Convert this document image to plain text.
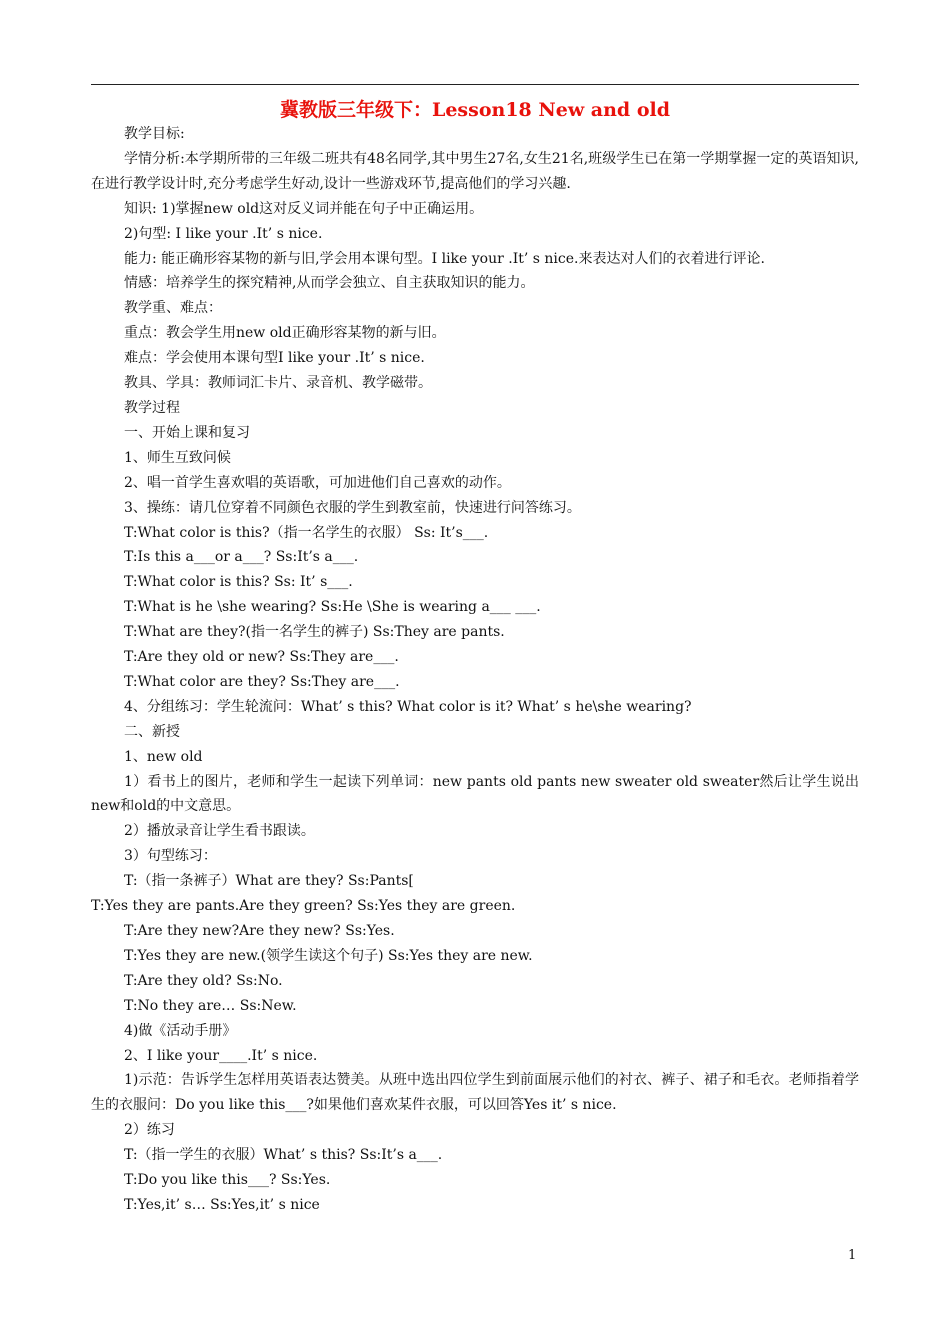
冀教版三年级下：Lesson18 New and old

教学目标:

学情分析:本学期所带的三年级二班共有48名同学,其中男生27名,女生21名,班级学生已在第一学期掌握一定的英语知识,在进行教学设计时,充分考虑学生好动,设计一些游戏环节,提高他们的学习兴趣.

知识: 1)掌握new old这对反义词并能在句子中正确运用。

2)句型: I like your .It’ s nice.

能力: 能正确形容某物的新与旧,学会用本课句型。I like your .It’ s nice.来表达对人们的衣着进行评论.

情感：培养学生的探究精神,从而学会独立、自主获取知识的能力。

教学重、难点：

重点：教会学生用new old正确形容某物的新与旧。

难点：学会使用本课句型I like your .It’ s nice.

教具、学具：教师词汇卡片、录音机、教学磁带。

教学过程

一、开始上课和复习

1、师生互致问候

2、唱一首学生喜欢唱的英语歌，可加进他们自己喜欢的动作。

3、操练：请几位穿着不同颜色衣服的学生到教室前，快速进行问答练习。

T:What color is this?（指一名学生的衣服） Ss: It’s___.

T:Is this a___or a___? Ss:It’s a___.

T:What color is this? Ss: It’ s___.

T:What is he \she wearing? Ss:He \She is wearing a___ ___.

T:What are they?(指一名学生的裤子) Ss:They are pants.

T:Are they old or new? Ss:They are___.

T:What color are they? Ss:They are___.

4、分组练习：学生轮流问：What’ s this? What color is it? What’ s he\she wearing?

二、新授

1、new old

1）看书上的图片，老师和学生一起读下列单词：new pants old pants new sweater old sweater然后让学生说出new和old的中文意思。

2）播放录音让学生看书跟读。

3）句型练习：

T:（指一条裤子）What are they? Ss:Pants[

T:Yes they are pants.Are they green? Ss:Yes they are green.

T:Are they new?Are they new? Ss:Yes.

T:Yes they are new.(领学生读这个句子) Ss:Yes they are new.

T:Are they old? Ss:No.

T:No they are… Ss:New.

4)做《活动手册》

2、I like your____.It’ s nice.

1)示范：告诉学生怎样用英语表达赞美。从班中选出四位学生到前面展示他们的衬衣、裤子、裙子和毛衣。老师指着学生的衣服问：Do you like this___?如果他们喜欢某件衣服，可以回答Yes it’ s nice.

2）练习

T:（指一学生的衣服）What’ s this? Ss:It’s a___.

T:Do you like this___? Ss:Yes.

T:Yes,it’ s… Ss:Yes,it’ s nice

1
